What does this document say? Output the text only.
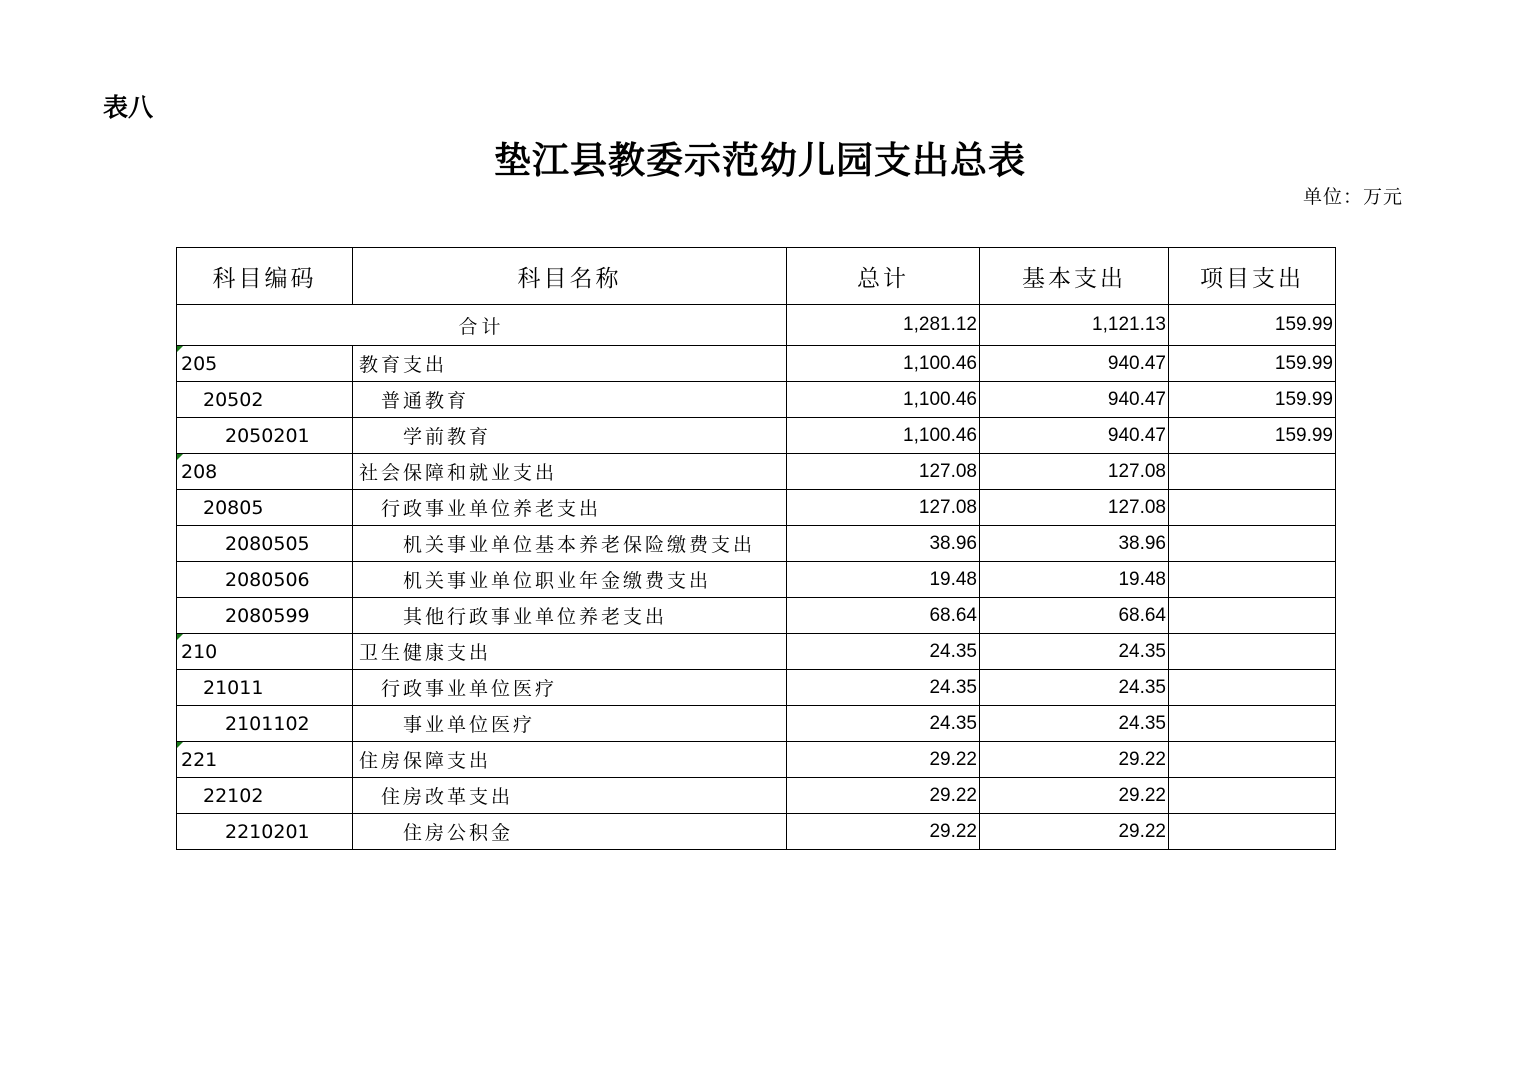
表八
垫江县教委示范幼儿园支出总表
单位：万元
科目编码	科目名称	总计	基本支出	项目支出
合计		1,281.12	1,121.13	159.99

205	教育支出	1,100.46	940.47	159.99
20502	普通教育	1,100.46	940.47	159.99
2050201	学前教育	1,100.46	940.47	159.99

208	社会保障和就业支出	127.08	127.08	
20805	行政事业单位养老支出	127.08	127.08	
2080505	机关事业单位基本养老保险缴费支出	38.96	38.96	
2080506	机关事业单位职业年金缴费支出	19.48	19.48	
2080599	其他行政事业单位养老支出	68.64	68.64	

210	卫生健康支出	24.35	24.35	
21011	行政事业单位医疗	24.35	24.35	
2101102	事业单位医疗	24.35	24.35	

221	住房保障支出	29.22	29.22	
22102	住房改革支出	29.22	29.22	
2210201	住房公积金	29.22	29.22	
